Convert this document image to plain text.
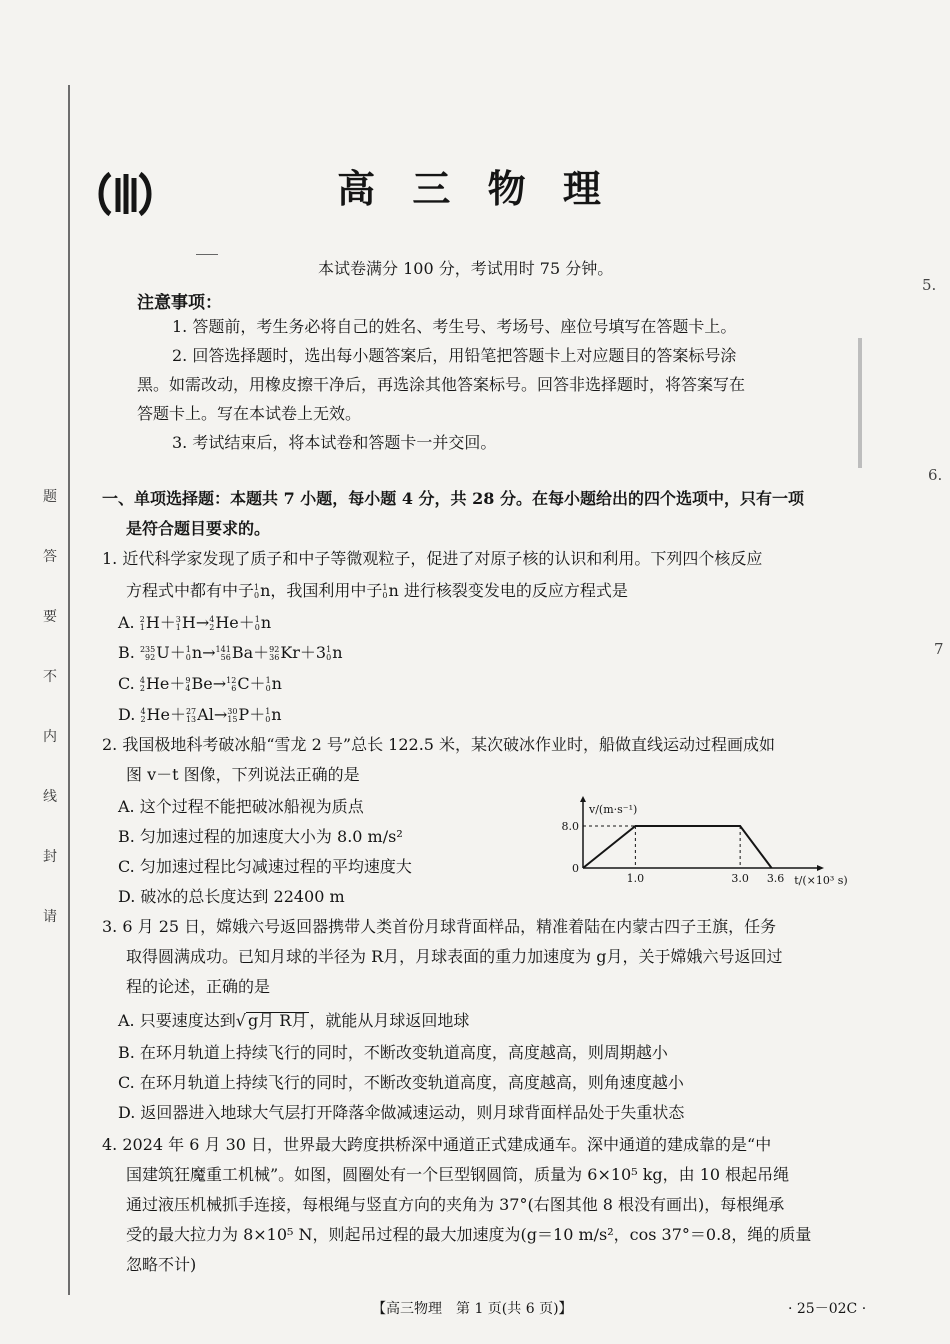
题
答
要
不
内
线
封
请
5.
6.
7
高 三 物 理
本试卷满分 100 分，考试用时 75 分钟。
注意事项：
1. 答题前，考生务必将自己的姓名、考生号、考场号、座位号填写在答题卡上。
2. 回答选择题时，选出每小题答案后，用铅笔把答题卡上对应题目的答案标号涂
黑。如需改动，用橡皮擦干净后，再选涂其他答案标号。回答非选择题时，将答案写在
答题卡上。写在本试卷上无效。
3. 考试结束后，将本试卷和答题卡一并交回。
一、单项选择题：本题共 7 小题，每小题 4 分，共 28 分。在每小题给出的四个选项中，只有一项
是符合题目要求的。
1. 近代科学家发现了质子和中子等微观粒子，促进了对原子核的认识和利用。下列四个核反应
方程式中都有中子 1
0 n，我国利用中子 1
0 n 进行核裂变发电的反应方程式是
A. 2
1 H＋ 3
1 H→ 4
2 He＋ 1
0 n
B. 235
92 U＋ 1
0 n→ 141
56 Ba＋ 92
36 Kr＋3 1
0 n
C. 4
2 He＋ 9
4 Be→ 12
6 C＋ 1
0 n
D. 4
2 He＋ 27
13 Al→ 30
15 P＋ 1
0 n
2. 我国极地科考破冰船“雪龙 2 号”总长 122.5 米，某次破冰作业时，船做直线运动过程画成如
图 v－t 图像，下列说法正确的是
A. 这个过程不能把破冰船视为质点
B. 匀加速过程的加速度大小为 8.0 m/s²
C. 匀加速过程比匀减速过程的平均速度大
D. 破冰的总长度达到 22400 m
v/(m·s⁻¹)
t/(×10³ s)
8.0
0
1.0	3.0 3.6
3. 6 月 25 日，嫦娥六号返回器携带人类首份月球背面样品，精准着陆在内蒙古四子王旗，任务
取得圆满成功。已知月球的半径为 R月，月球表面的重力加速度为 g月，关于嫦娥六号返回过
程的论述，正确的是
A. 只要速度达到√ g月 R月 ，就能从月球返回地球
B. 在环月轨道上持续飞行的同时，不断改变轨道高度，高度越高，则周期越小
C. 在环月轨道上持续飞行的同时，不断改变轨道高度，高度越高，则角速度越小
D. 返回器进入地球大气层打开降落伞做减速运动，则月球背面样品处于失重状态
4. 2024 年 6 月 30 日，世界最大跨度拱桥深中通道正式建成通车。深中通道的建成靠的是“中
国建筑狂魔重工机械”。如图，圆圈处有一个巨型钢圆筒，质量为 6×10⁵ kg，由 10 根起吊绳
通过液压机械抓手连接，每根绳与竖直方向的夹角为 37°(右图其他 8 根没有画出)，每根绳承
受的最大拉力为 8×10⁵ N，则起吊过程的最大加速度为(g＝10 m/s²，cos 37°＝0.8，绳的质量
忽略不计)
【高三物理　第 1 页(共 6 页)】	· 25－02C ·
